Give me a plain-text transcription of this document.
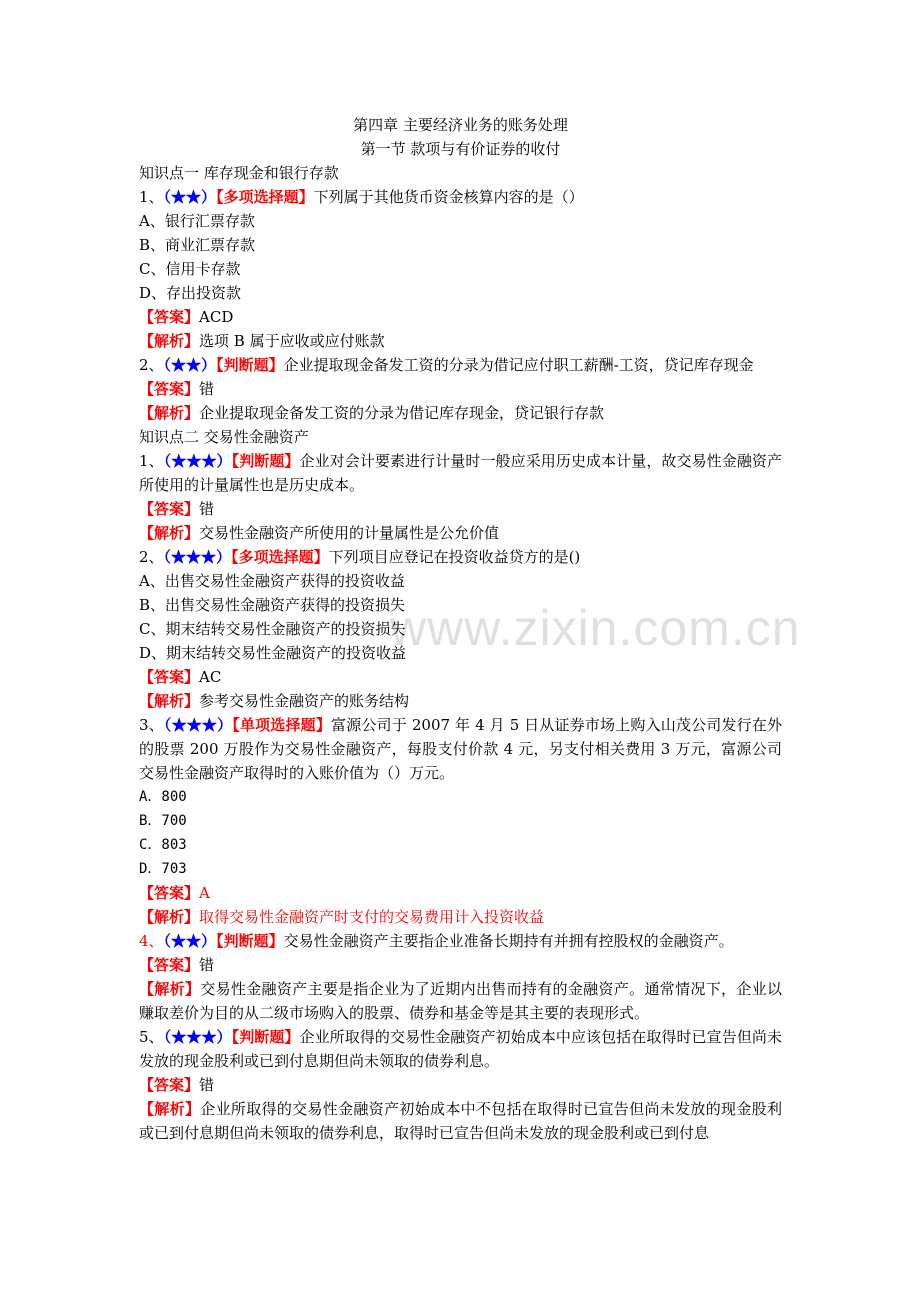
第四章 主要经济业务的账务处理

第一节 款项与有价证券的收付

知识点一 库存现金和银行存款

1、（★★）【多项选择题】下列属于其他货币资金核算内容的是（）

A、银行汇票存款

B、商业汇票存款

C、信用卡存款

D、存出投资款

【答案】ACD

【解析】选项 B 属于应收或应付账款

2、（★★）【判断题】企业提取现金备发工资的分录为借记应付职工薪酬-工资，贷记库存现金

【答案】错

【解析】企业提取现金备发工资的分录为借记库存现金，贷记银行存款

知识点二 交易性金融资产

1、（★★★）【判断题】企业对会计要素进行计量时一般应采用历史成本计量，故交易性金融资产所使用的计量属性也是历史成本。

【答案】错

【解析】交易性金融资产所使用的计量属性是公允价值

2、（★★★）【多项选择题】下列项目应登记在投资收益贷方的是()

A、出售交易性金融资产获得的投资收益

B、出售交易性金融资产获得的投资损失

C、期末结转交易性金融资产的投资损失

D、期末结转交易性金融资产的投资收益

【答案】AC

【解析】参考交易性金融资产的账务结构

3、（★★★）【单项选择题】富源公司于 2007 年 4 月 5 日从证券市场上购入山茂公司发行在外的股票 200 万股作为交易性金融资产，每股支付价款 4 元，另支付相关费用 3 万元，富源公司交易性金融资产取得时的入账价值为（）万元。

A．800

B．700

C．803

D．703

【答案】A

【解析】取得交易性金融资产时支付的交易费用计入投资收益

4、（★★）【判断题】交易性金融资产主要指企业准备长期持有并拥有控股权的金融资产。

【答案】错

【解析】交易性金融资产主要是指企业为了近期内出售而持有的金融资产。通常情况下，企业以赚取差价为目的从二级市场购入的股票、债券和基金等是其主要的表现形式。

5、（★★★）【判断题】企业所取得的交易性金融资产初始成本中应该包括在取得时已宣告但尚未发放的现金股利或已到付息期但尚未领取的债券利息。

【答案】错

【解析】企业所取得的交易性金融资产初始成本中不包括在取得时已宣告但尚未发放的现金股利或已到付息期但尚未领取的债券利息，取得时已宣告但尚未发放的现金股利或已到付息

www.zixin.com.cn
